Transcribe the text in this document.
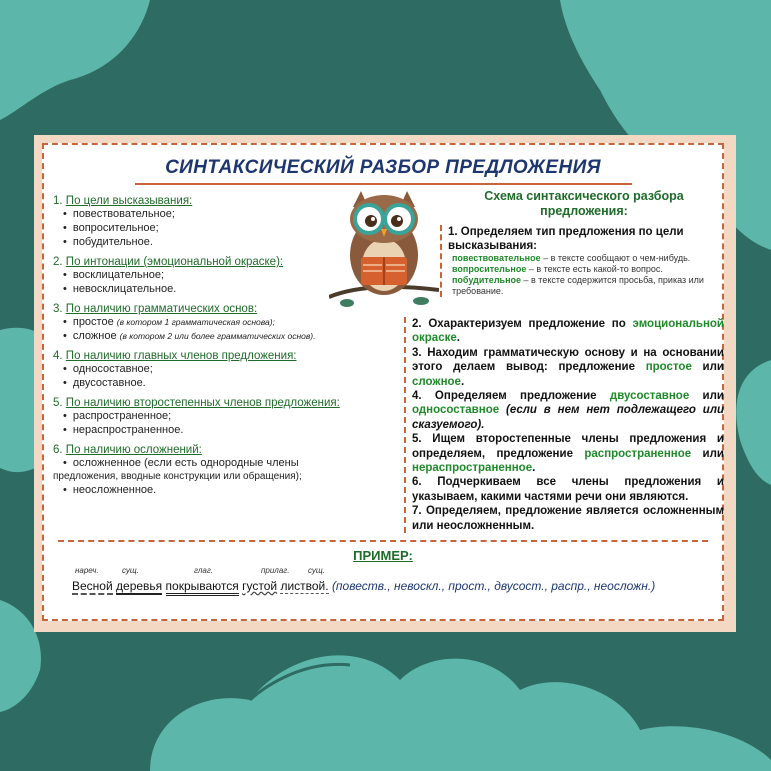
СИНТАКСИЧЕСКИЙ РАЗБОР ПРЕДЛОЖЕНИЯ
1. По цели высказывания:
• повествовательное;
• вопросительное;
• побудительное.
2. По интонации (эмоциональной окраске):
• восклицательное;
• невосклицательное.
3. По наличию грамматических основ:
• простое (в котором 1 грамматическая основа);
• сложное (в котором 2 или более грамматических основ).
4. По наличию главных членов предложения:
• односоставное;
• двусоставное.
5. По наличию второстепенных членов предложения:
• распространенное;
• нераспространенное.
6. По наличию осложнений:
• осложненное (если есть однородные члены
предложения, вводные конструкции или обращения);
• неосложненное.
Схема синтаксического разбора
предложения:
1. Определяем тип предложения по цели высказывания:
повествовательное – в тексте сообщают о чем-нибудь.
вопросительное – в тексте есть какой-то вопрос.
побудительное – в тексте содержится просьба, приказ или требование.
2. Охарактеризуем предложение по эмоциональной окраске.
3. Находим грамматическую основу и на основании этого делаем вывод: предложение простое или сложное.
4. Определяем предложение двусоставное или односоставное (если в нем нет подлежащего или сказуемого).
5. Ищем второстепенные члены предложения и определяем, предложение распространенное или нераспространенное.
6. Подчеркиваем все члены предложения и указываем, какими частями речи они являются.
7. Определяем, предложение является осложненным или неосложненным.
ПРИМЕР:
нареч.	сущ.	глаг.	прилаг. сущ.
Весной деревья покрываются густой листвой. (повеств., невоскл., прост., двусост., распр., неосложн.)
